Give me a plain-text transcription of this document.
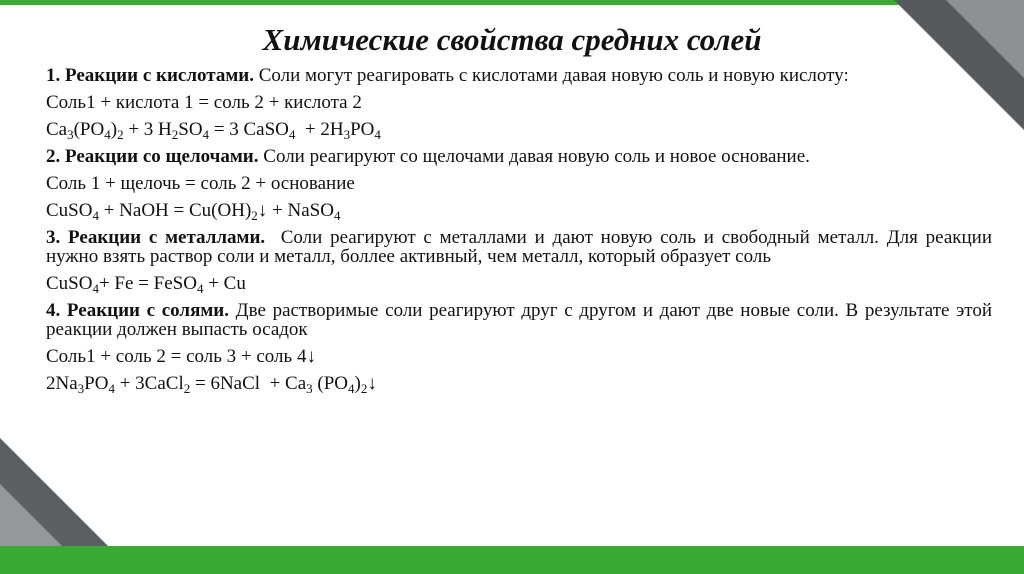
Химические свойства средних солей
1. Реакции с кислотами. Соли могут реагировать с кислотами давая новую соль и новую кислоту:
Соль1 + кислота 1 = соль 2 + кислота 2
$Ca_3(PO_4)_2 + 3$ $H_2SO_4 = 3$ CaSO$_4$  + $2H_3PO_4$
2. Реакции со щелочами. Соли реагируют со щелочами давая новую соль и новое основание.
Соль 1 + щелочь = соль 2 + основание
CuSO$_4$ + NaOH = $Cu(OH)_2↓$ + NaSO$_4$
3. Реакции с металлами.  Соли реагируют с металлами и дают новую соль и свободный металл. Для реакции нужно взять раствор соли и металл, боллее активный, чем металл, который образует соль
CuSO$_4$+ Fe = FeSO$_4$ + Cu
4. Реакции с солями. Две растворимые соли реагируют друг с другом и дают две новые соли. В результате этой реакции должен выпасть осадок
Соль1 + соль 2 = соль 3 + соль 4↓
$2Na_3PO_4$ + 3CaCl$_2$ = 6NaCl  + $Ca_3$ $(PO_4)_2↓$
